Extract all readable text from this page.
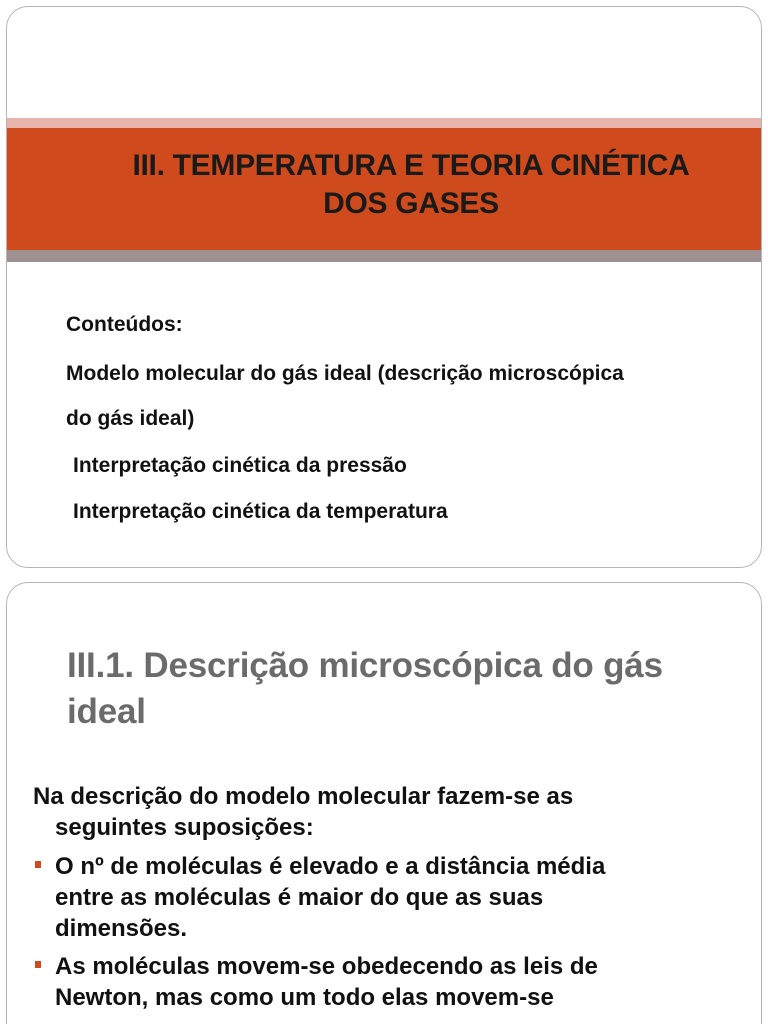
III. TEMPERATURA E TEORIA CINÉTICA
DOS GASES
Conteúdos:
Modelo molecular do gás ideal (descrição microscópica
do gás ideal)
Interpretação cinética da pressão
Interpretação cinética da temperatura
III.1. Descrição microscópica do gás
ideal
Na descrição do modelo molecular fazem-se as
seguintes suposições:
O nº de moléculas é elevado e a distância média
entre as moléculas é maior do que as suas
dimensões.
As moléculas movem-se obedecendo as leis de
Newton, mas como um todo elas movem-se
